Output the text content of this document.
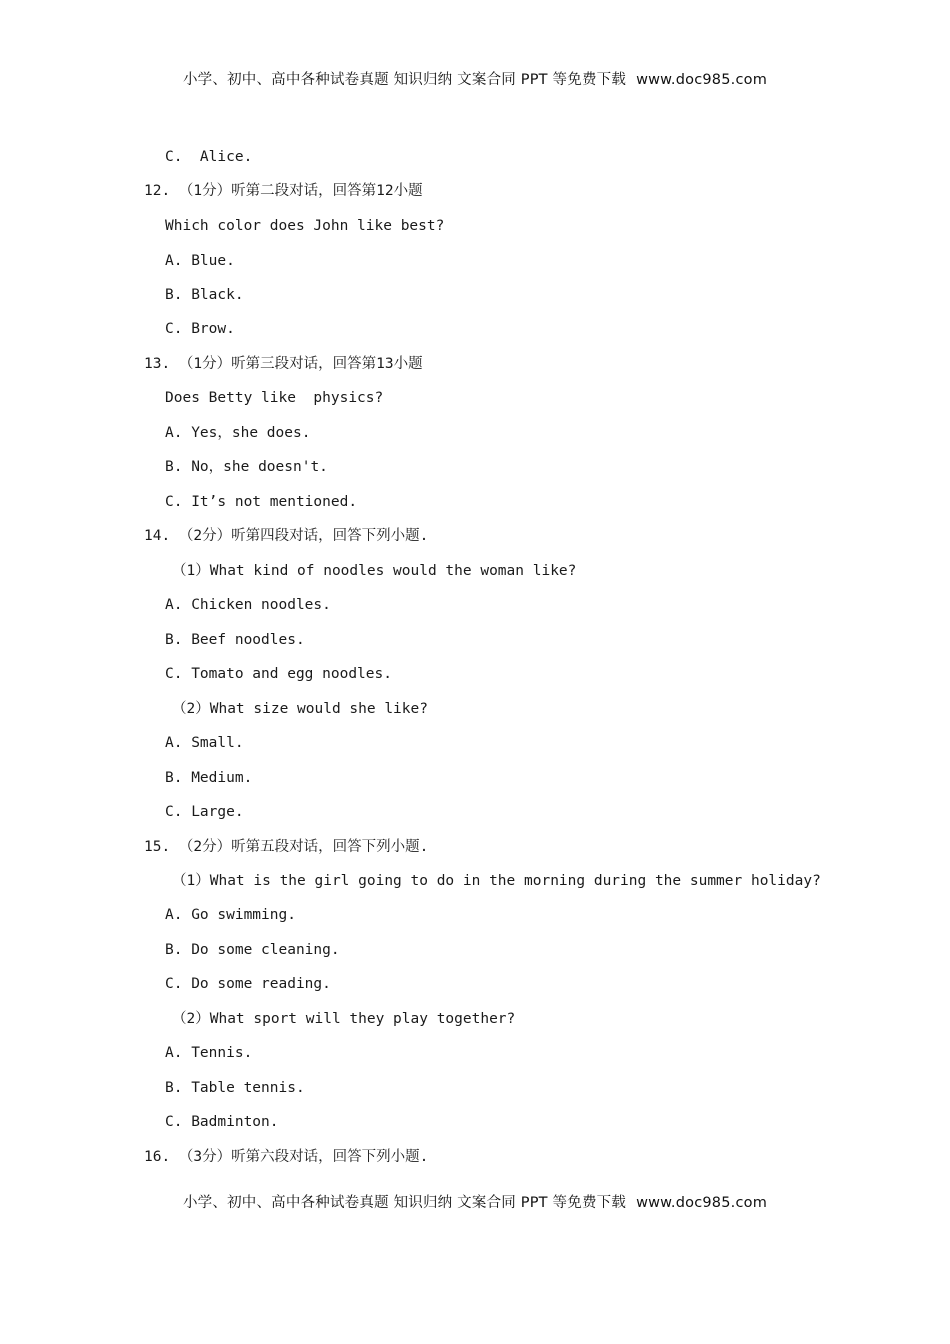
小学、初中、高中各种试卷真题 知识归纳 文案合同 PPT 等免费下载 www.doc985.com
C.  Alice.
12. （1分）听第二段对话，回答第12小题
Which color does John like best?
A. Blue.
B. Black.
C. Brow.
13. （1分）听第三段对话，回答第13小题
Does Betty like  physics?
A. Yes，she does.
B. No，she doesn't.
C. It’s not mentioned.
14. （2分）听第四段对话，回答下列小题.
（1）What kind of noodles would the woman like?
A. Chicken noodles.
B. Beef noodles.
C. Tomato and egg noodles.
（2）What size would she like?
A. Small.
B. Medium.
C. Large.
15. （2分）听第五段对话，回答下列小题.
（1）What is the girl going to do in the morning during the summer holiday?
A. Go swimming.
B. Do some cleaning.
C. Do some reading.
（2）What sport will they play together?
A. Tennis.
B. Table tennis.
C. Badminton.
16. （3分）听第六段对话，回答下列小题.
小学、初中、高中各种试卷真题 知识归纳 文案合同 PPT 等免费下载 www.doc985.com
